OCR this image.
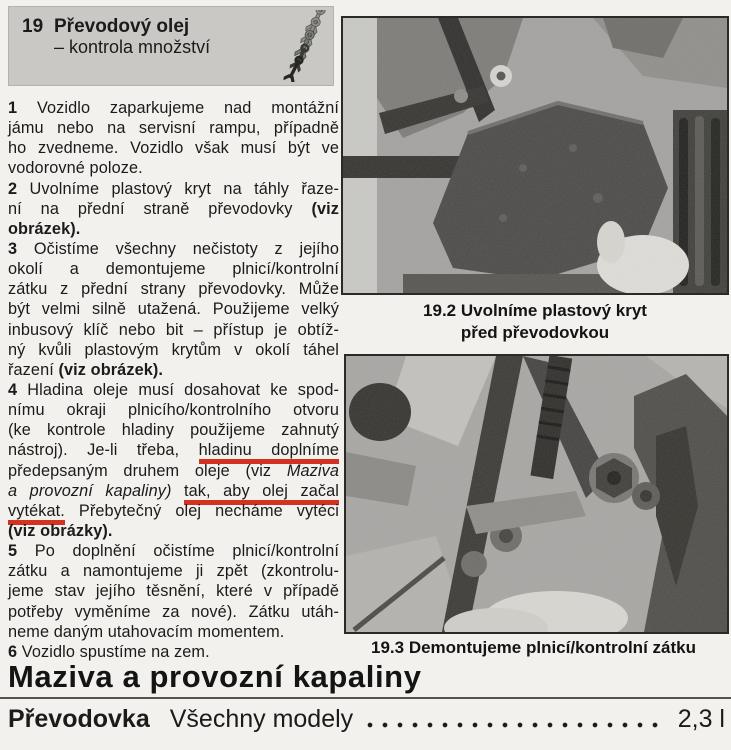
19 Převodový olej
– kontrola množství
1 Vozidlo zaparkujeme nad montážní
jámu nebo na servisní rampu, případně
ho zvedneme. Vozidlo však musí být ve
vodorovné poloze.
2 Uvolníme plastový kryt na táhly řaze-
ní na přední straně převodovky (viz
obrázek).
3 Očistíme všechny nečistoty z jejího
okolí a demontujeme plnicí/kontrolní
zátku z přední strany převodovky. Může
být velmi silně utažená. Použijeme velký
inbusový klíč nebo bit – přístup je obtíž-
ný kvůli plastovým krytům v okolí táhel
řazení (viz obrázek).
4 Hladina oleje musí dosahovat ke spod-
nímu okraji plnicího/kontrolního otvoru
(ke kontrole hladiny použijeme zahnutý
nástroj). Je-li třeba, hladinu doplníme
předepsaným druhem oleje (viz Maziva
a provozní kapaliny) tak, aby olej začal
vytékat. Přebytečný olej necháme vytéci
(viz obrázky).
5 Po doplnění očistíme plnicí/kontrolní
zátku a namontujeme ji zpět (zkontrolu-
jeme stav jejího těsnění, které v případě
potřeby vyměníme za nové). Zátku utáh-
neme daným utahovacím momentem.
6 Vozidlo spustíme na zem.
19.2 Uvolníme plastový kryt
před převodovkou
19.3 Demontujeme plnicí/kontrolní zátku
Maziva a provozní kapaliny
Převodovka Všechny modely	2,3 l
